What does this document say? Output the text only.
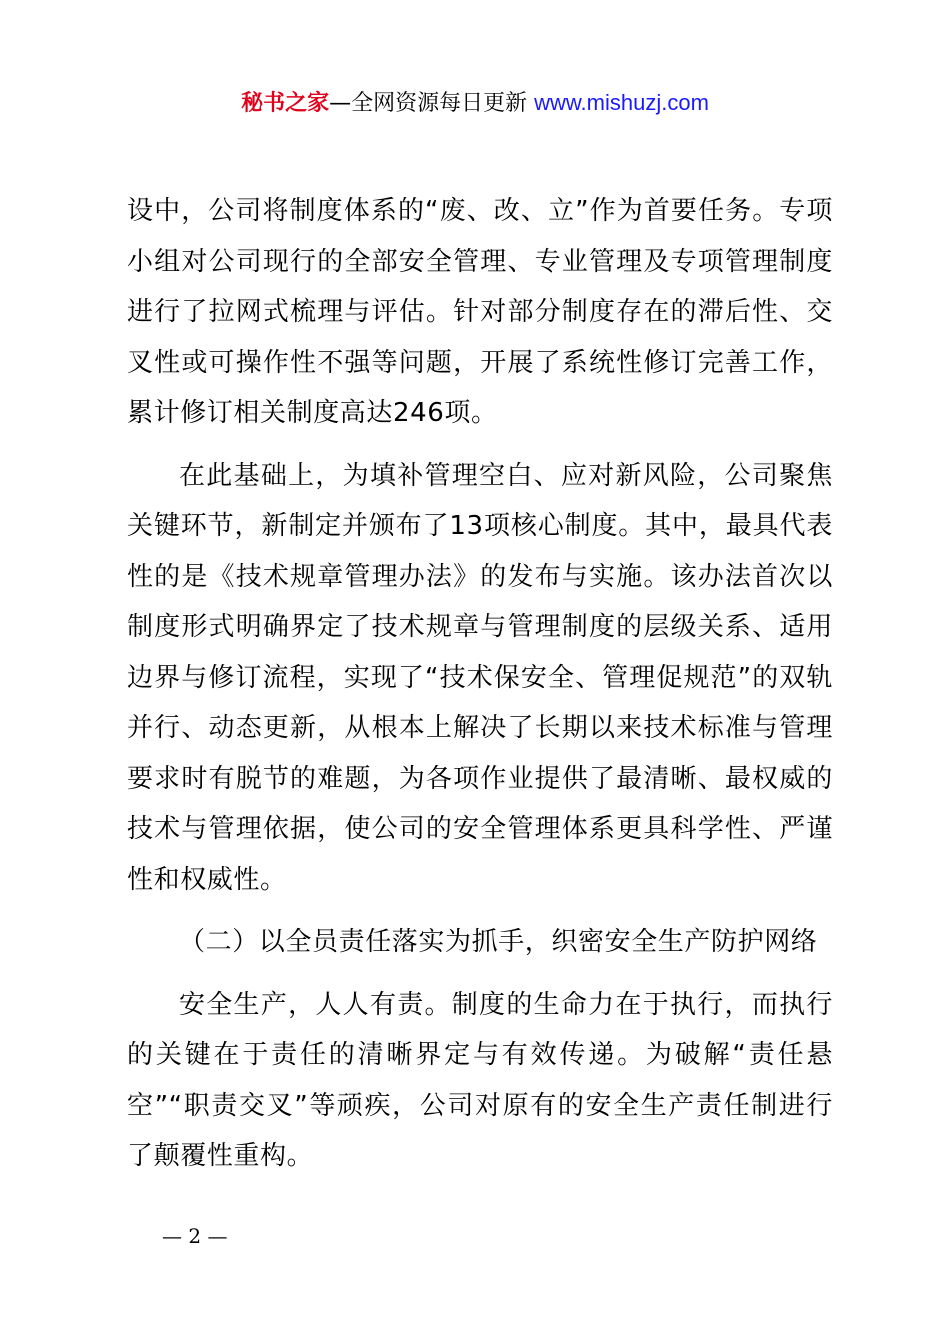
秘书之家—全网资源每日更新 www.mishuzj.com

设中，公司将制度体系的“废、改、立”作为首要任务。专项小组对公司现行的全部安全管理、专业管理及专项管理制度进行了拉网式梳理与评估。针对部分制度存在的滞后性、交叉性或可操作性不强等问题，开展了系统性修订完善工作，累计修订相关制度高达246项。

在此基础上，为填补管理空白、应对新风险，公司聚焦关键环节，新制定并颁布了13项核心制度。其中，最具代表性的是《技术规章管理办法》的发布与实施。该办法首次以制度形式明确界定了技术规章与管理制度的层级关系、适用边界与修订流程，实现了“技术保安全、管理促规范”的双轨并行、动态更新，从根本上解决了长期以来技术标准与管理要求时有脱节的难题，为各项作业提供了最清晰、最权威的技术与管理依据，使公司的安全管理体系更具科学性、严谨性和权威性。

（二）以全员责任落实为抓手，织密安全生产防护网络

安全生产，人人有责。制度的生命力在于执行，而执行的关键在于责任的清晰界定与有效传递。为破解“责任悬空”“职责交叉”等顽疾，公司对原有的安全生产责任制进行了颠覆性重构。

— 2 —
